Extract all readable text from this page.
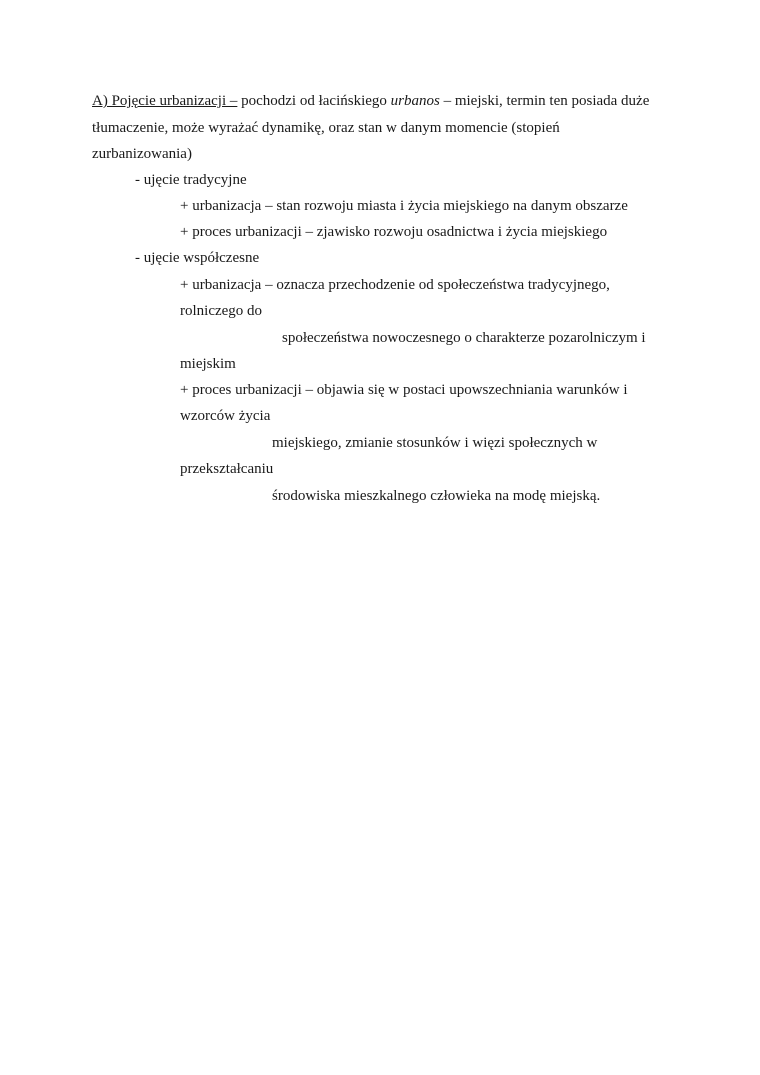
A) Pojęcie urbanizacji – pochodzi od łacińskiego urbanos – miejski, termin ten posiada duże
tłumaczenie, może wyrażać dynamikę, oraz stan w danym momencie (stopień
zurbanizowania)
- ujęcie tradycyjne
+ urbanizacja – stan rozwoju miasta i życia miejskiego na danym obszarze
+ proces urbanizacji – zjawisko rozwoju osadnictwa i życia miejskiego
- ujęcie współczesne
+ urbanizacja – oznacza przechodzenie od społeczeństwa tradycyjnego,
rolniczego do
społeczeństwa nowoczesnego o charakterze pozarolniczym i
miejskim
+ proces urbanizacji – objawia się w postaci upowszechniania warunków i
wzorców życia
miejskiego, zmianie stosunków i więzi społecznych w
przekształcaniu
środowiska mieszkalnego człowieka na modę miejską.
